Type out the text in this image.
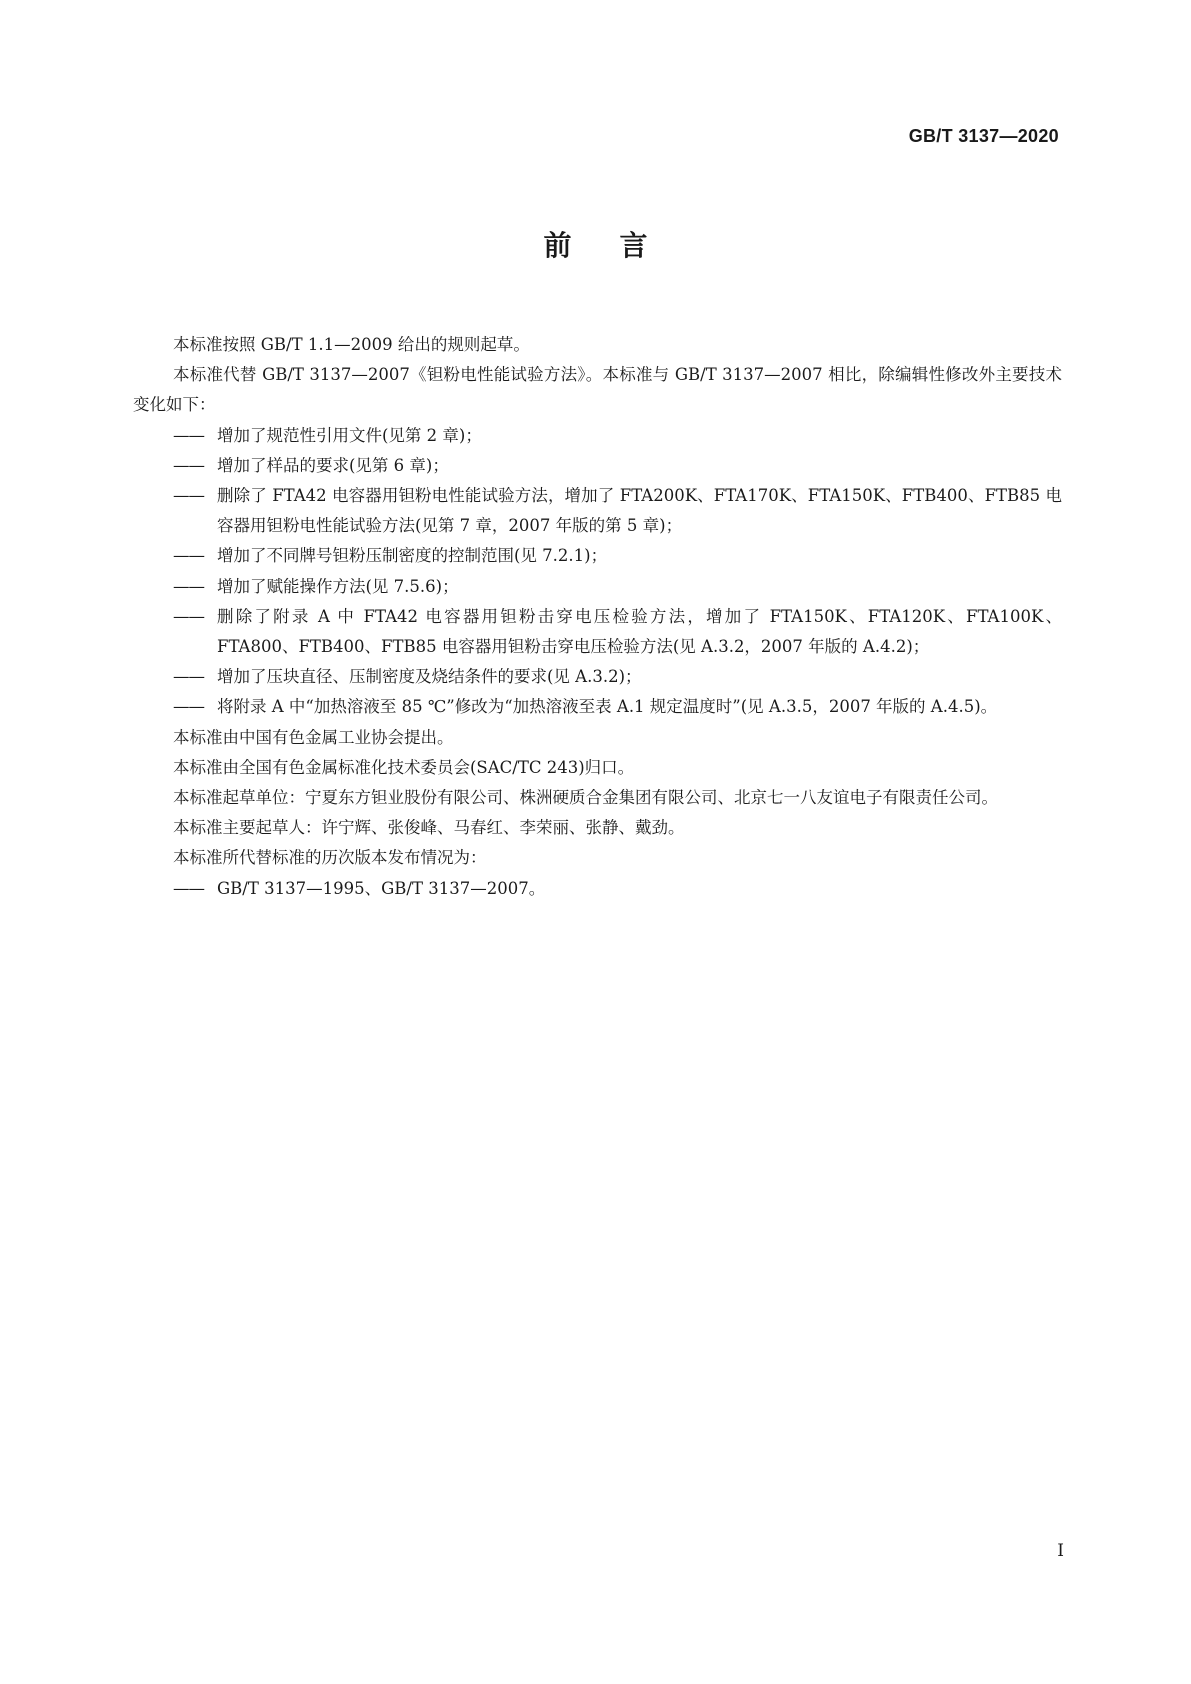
GB/T 3137—2020
前言
本标准按照 GB/T 1.1—2009 给出的规则起草。
本标准代替 GB/T 3137—2007《钽粉电性能试验方法》。本标准与 GB/T 3137—2007 相比，除编辑性修改外主要技术变化如下：
—— 增加了规范性引用文件(见第 2 章)；
—— 增加了样品的要求(见第 6 章)；
—— 删除了 FTA42 电容器用钽粉电性能试验方法，增加了 FTA200K、FTA170K、FTA150K、FTB400、FTB85 电容器用钽粉电性能试验方法(见第 7 章，2007 年版的第 5 章)；
—— 增加了不同牌号钽粉压制密度的控制范围(见 7.2.1)；
—— 增加了赋能操作方法(见 7.5.6)；
—— 删除了附录 A 中 FTA42 电容器用钽粉击穿电压检验方法，增加了 FTA150K、FTA120K、FTA100K、FTA800、FTB400、FTB85 电容器用钽粉击穿电压检验方法(见 A.3.2，2007 年版的 A.4.2)；
—— 增加了压块直径、压制密度及烧结条件的要求(见 A.3.2)；
—— 将附录 A 中“加热溶液至 85 ℃”修改为“加热溶液至表 A.1 规定温度时”(见 A.3.5，2007 年版的 A.4.5)。
本标准由中国有色金属工业协会提出。
本标准由全国有色金属标准化技术委员会(SAC/TC 243)归口。
本标准起草单位：宁夏东方钽业股份有限公司、株洲硬质合金集团有限公司、北京七一八友谊电子有限责任公司。
本标准主要起草人：许宁辉、张俊峰、马春红、李荣丽、张静、戴劲。
本标准所代替标准的历次版本发布情况为：
—— GB/T 3137—1995、GB/T 3137—2007。
I
